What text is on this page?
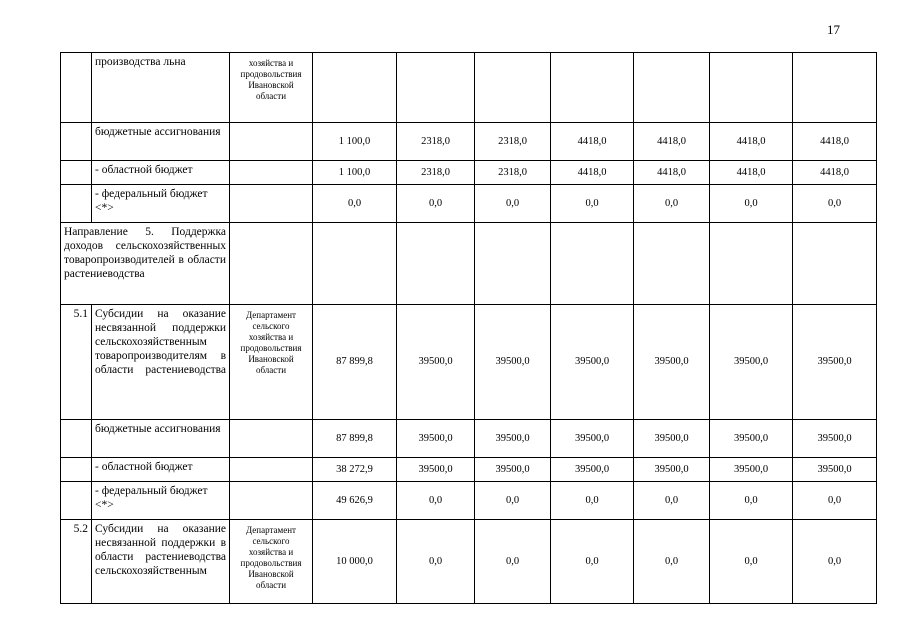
17
	производства льна	хозяйства и продовольствия Ивановской области							
	бюджетные ассигнования		1 100,0	2318,0	2318,0	4418,0	4418,0	4418,0	4418,0
	- областной бюджет		1 100,0	2318,0	2318,0	4418,0	4418,0	4418,0	4418,0
	- федеральный бюджет <*>		0,0	0,0	0,0	0,0	0,0	0,0	0,0
Направление 5. Поддержка доходов сельскохозяйственных товаропроизводителей в области растениеводства									
5.1	Субсидии на оказание несвязанной поддержки сельскохозяйственным товаропроизводителям в области растениеводства	Департамент сельского хозяйства и продовольствия Ивановской области	87 899,8	39500,0	39500,0	39500,0	39500,0	39500,0	39500,0
	бюджетные ассигнования		87 899,8	39500,0	39500,0	39500,0	39500,0	39500,0	39500,0
	- областной бюджет		38 272,9	39500,0	39500,0	39500,0	39500,0	39500,0	39500,0
	- федеральный бюджет <*>		49 626,9	0,0	0,0	0,0	0,0	0,0	0,0
5.2	Субсидии на оказание несвязанной поддержки в области растениеводства сельскохозяйственным	Департамент сельского хозяйства и продовольствия Ивановской области	10 000,0	0,0	0,0	0,0	0,0	0,0	0,0
